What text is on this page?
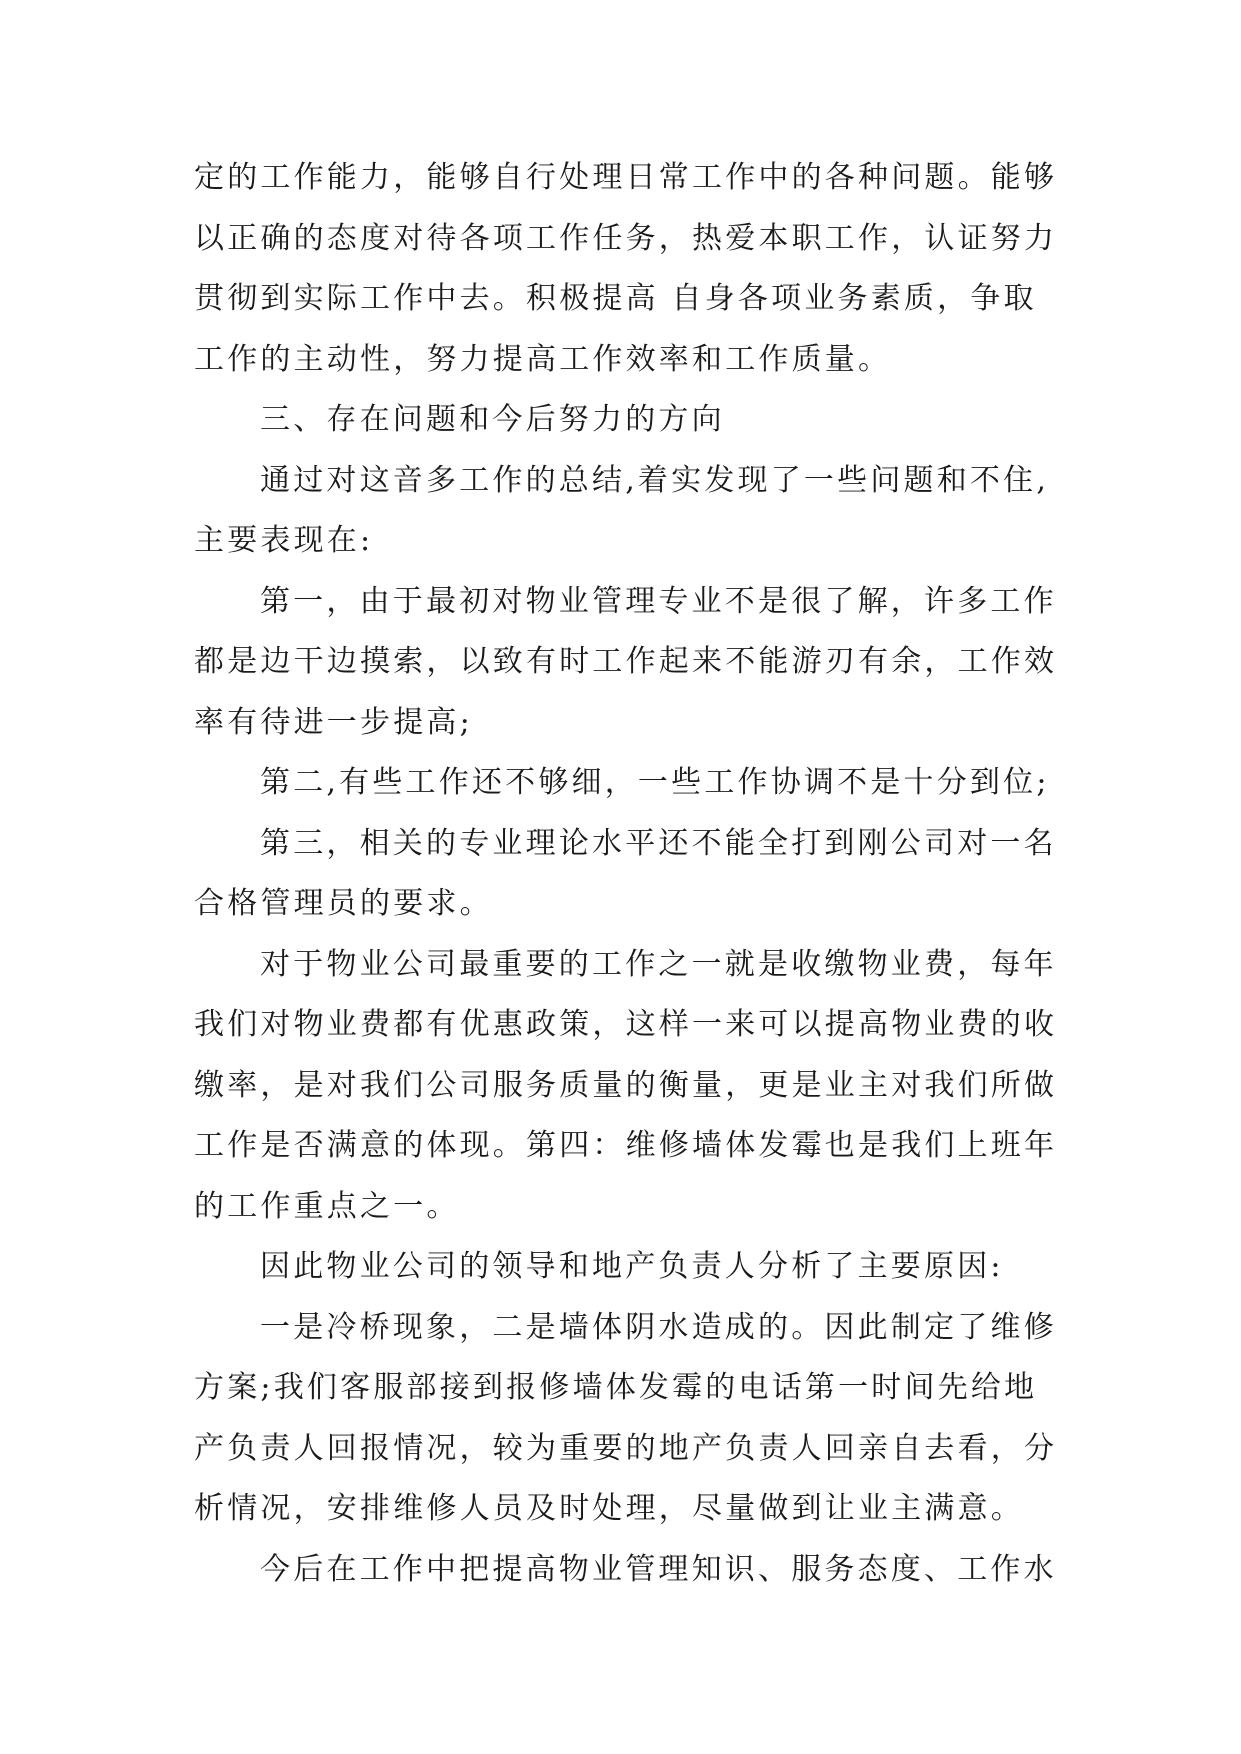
定的工作能力，能够自行处理日常工作中的各种问题。能够
以正确的态度对待各项工作任务，热爱本职工作，认证努力
贯彻到实际工作中去。积极提高 自身各项业务素质，争取
工作的主动性，努力提高工作效率和工作质量。
三、存在问题和今后努力的方向
通过对这音多工作的总结,着实发现了一些问题和不住,
主要表现在:
第一，由于最初对物业管理专业不是很了解，许多工作
都是边干边摸索，以致有时工作起来不能游刃有余，工作效
率有待进一步提高;
第二,有些工作还不够细，一些工作协调不是十分到位;
第三，相关的专业理论水平还不能全打到刚公司对一名
合格管理员的要求。
对于物业公司最重要的工作之一就是收缴物业费，每年
我们对物业费都有优惠政策，这样一来可以提高物业费的收
缴率，是对我们公司服务质量的衡量，更是业主对我们所做
工作是否满意的体现。第四：维修墙体发霉也是我们上班年
的工作重点之一。
因此物业公司的领导和地产负责人分析了主要原因:
一是冷桥现象，二是墙体阴水造成的。因此制定了维修
方案;我们客服部接到报修墙体发霉的电话第一时间先给地
产负责人回报情况，较为重要的地产负责人回亲自去看，分
析情况，安排维修人员及时处理，尽量做到让业主满意。
今后在工作中把提高物业管理知识、服务态度、工作水
